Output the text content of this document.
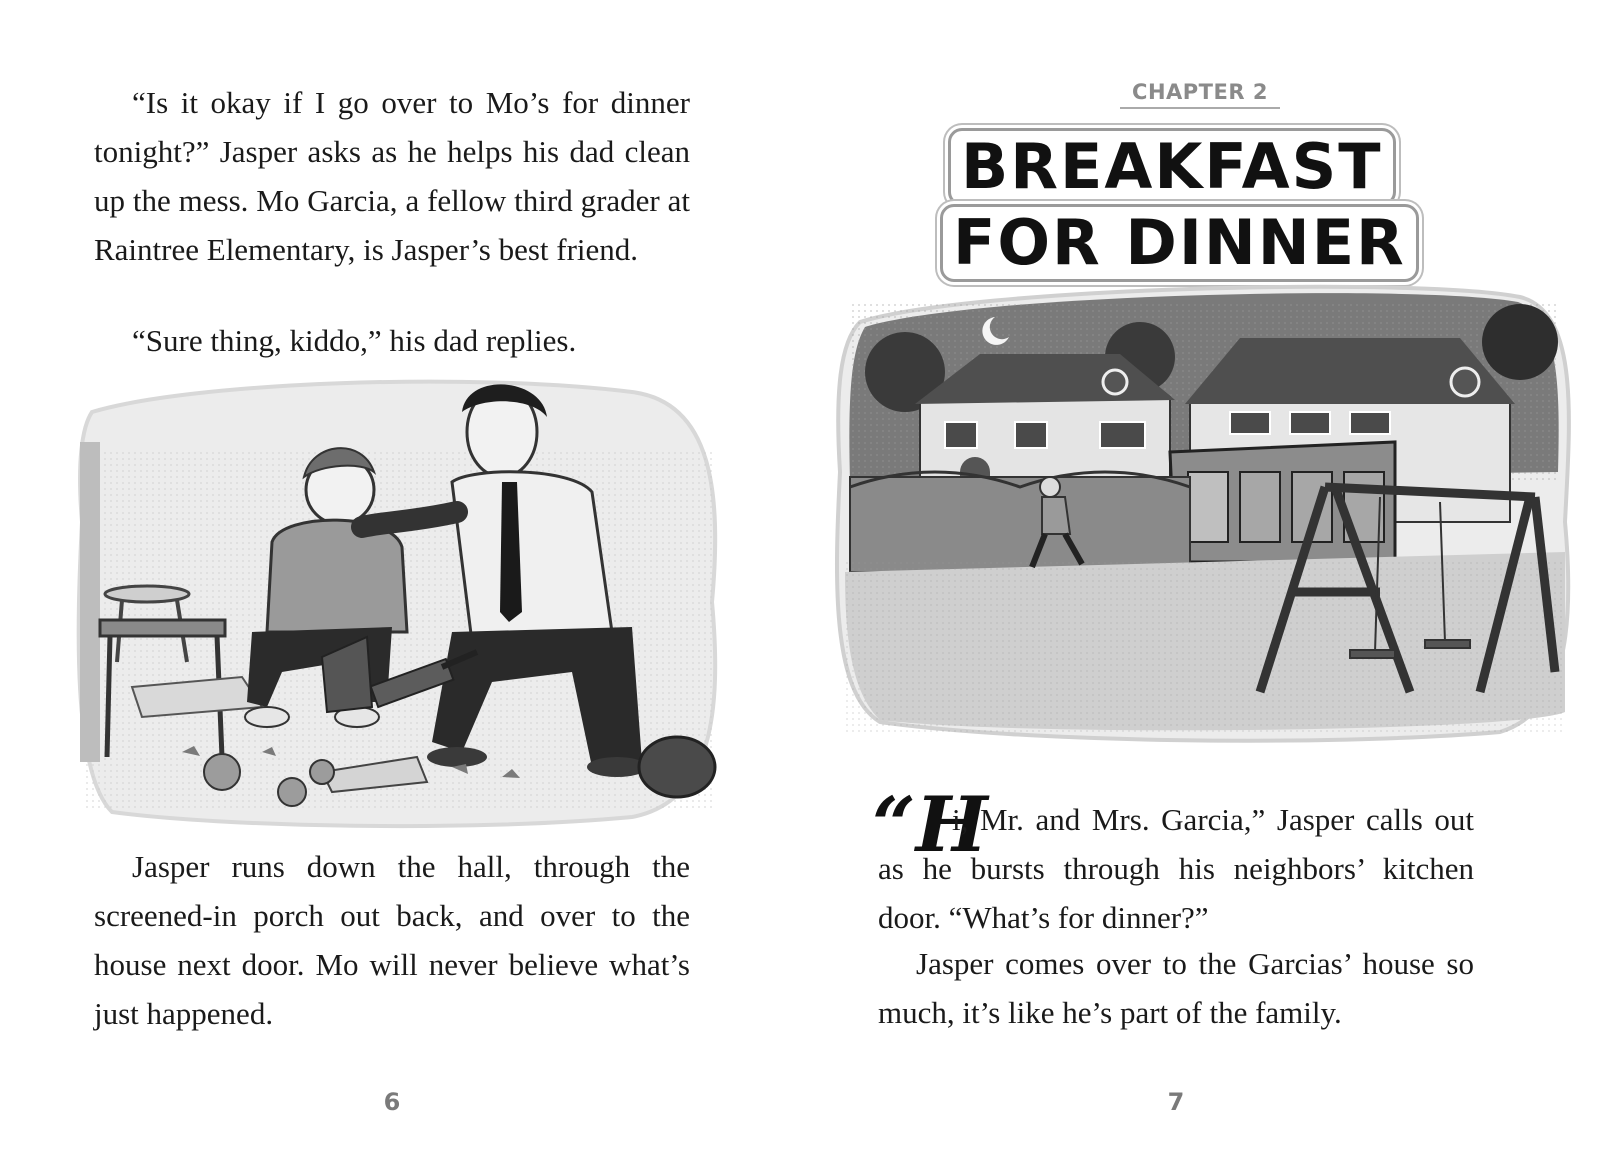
“Is it okay if I go over to Mo’s for dinner tonight?” Jasper asks as he helps his dad clean up the mess. Mo Garcia, a fellow third grader at Raintree Elementary, is Jasper’s best friend.

“Sure thing, kiddo,” his dad replies.

Jasper runs down the hall, through the screened-in porch out back, and over to the house next door. Mo will never believe what’s just happened.

6
CHAPTER 2
BREAKFAST
FOR DINNER
“H

i, Mr. and Mrs. Garcia,” Jasper calls out as he bursts through his neighbors’ kitchen door. “What’s for dinner?”

Jasper comes over to the Garcias’ house so much, it’s like he’s part of the family.

7
